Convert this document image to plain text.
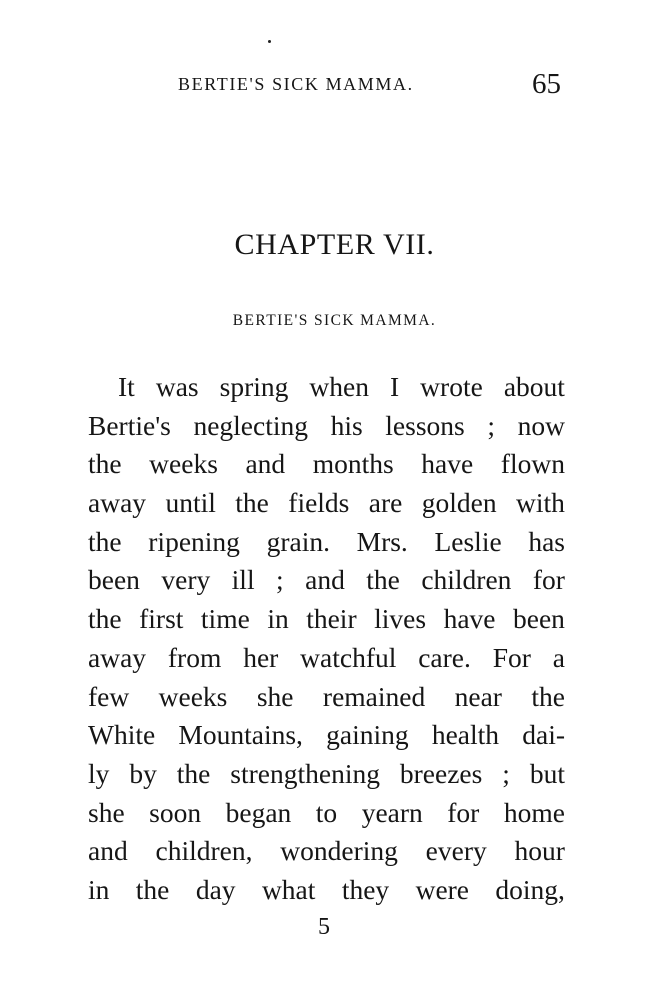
BERTIE'S SICK MAMMA.	65
CHAPTER VII.
BERTIE'S SICK MAMMA.
It was spring when I wrote about
Bertie's neglecting his lessons ; now
the weeks and months have flown
away until the fields are golden with
the ripening grain. Mrs. Leslie has
been very ill ; and the children for
the first time in their lives have been
away from her watchful care. For a
few weeks she remained near the
White Mountains, gaining health dai-
ly by the strengthening breezes ; but
she soon began to yearn for home
and children, wondering every hour
in the day what they were doing,
5
